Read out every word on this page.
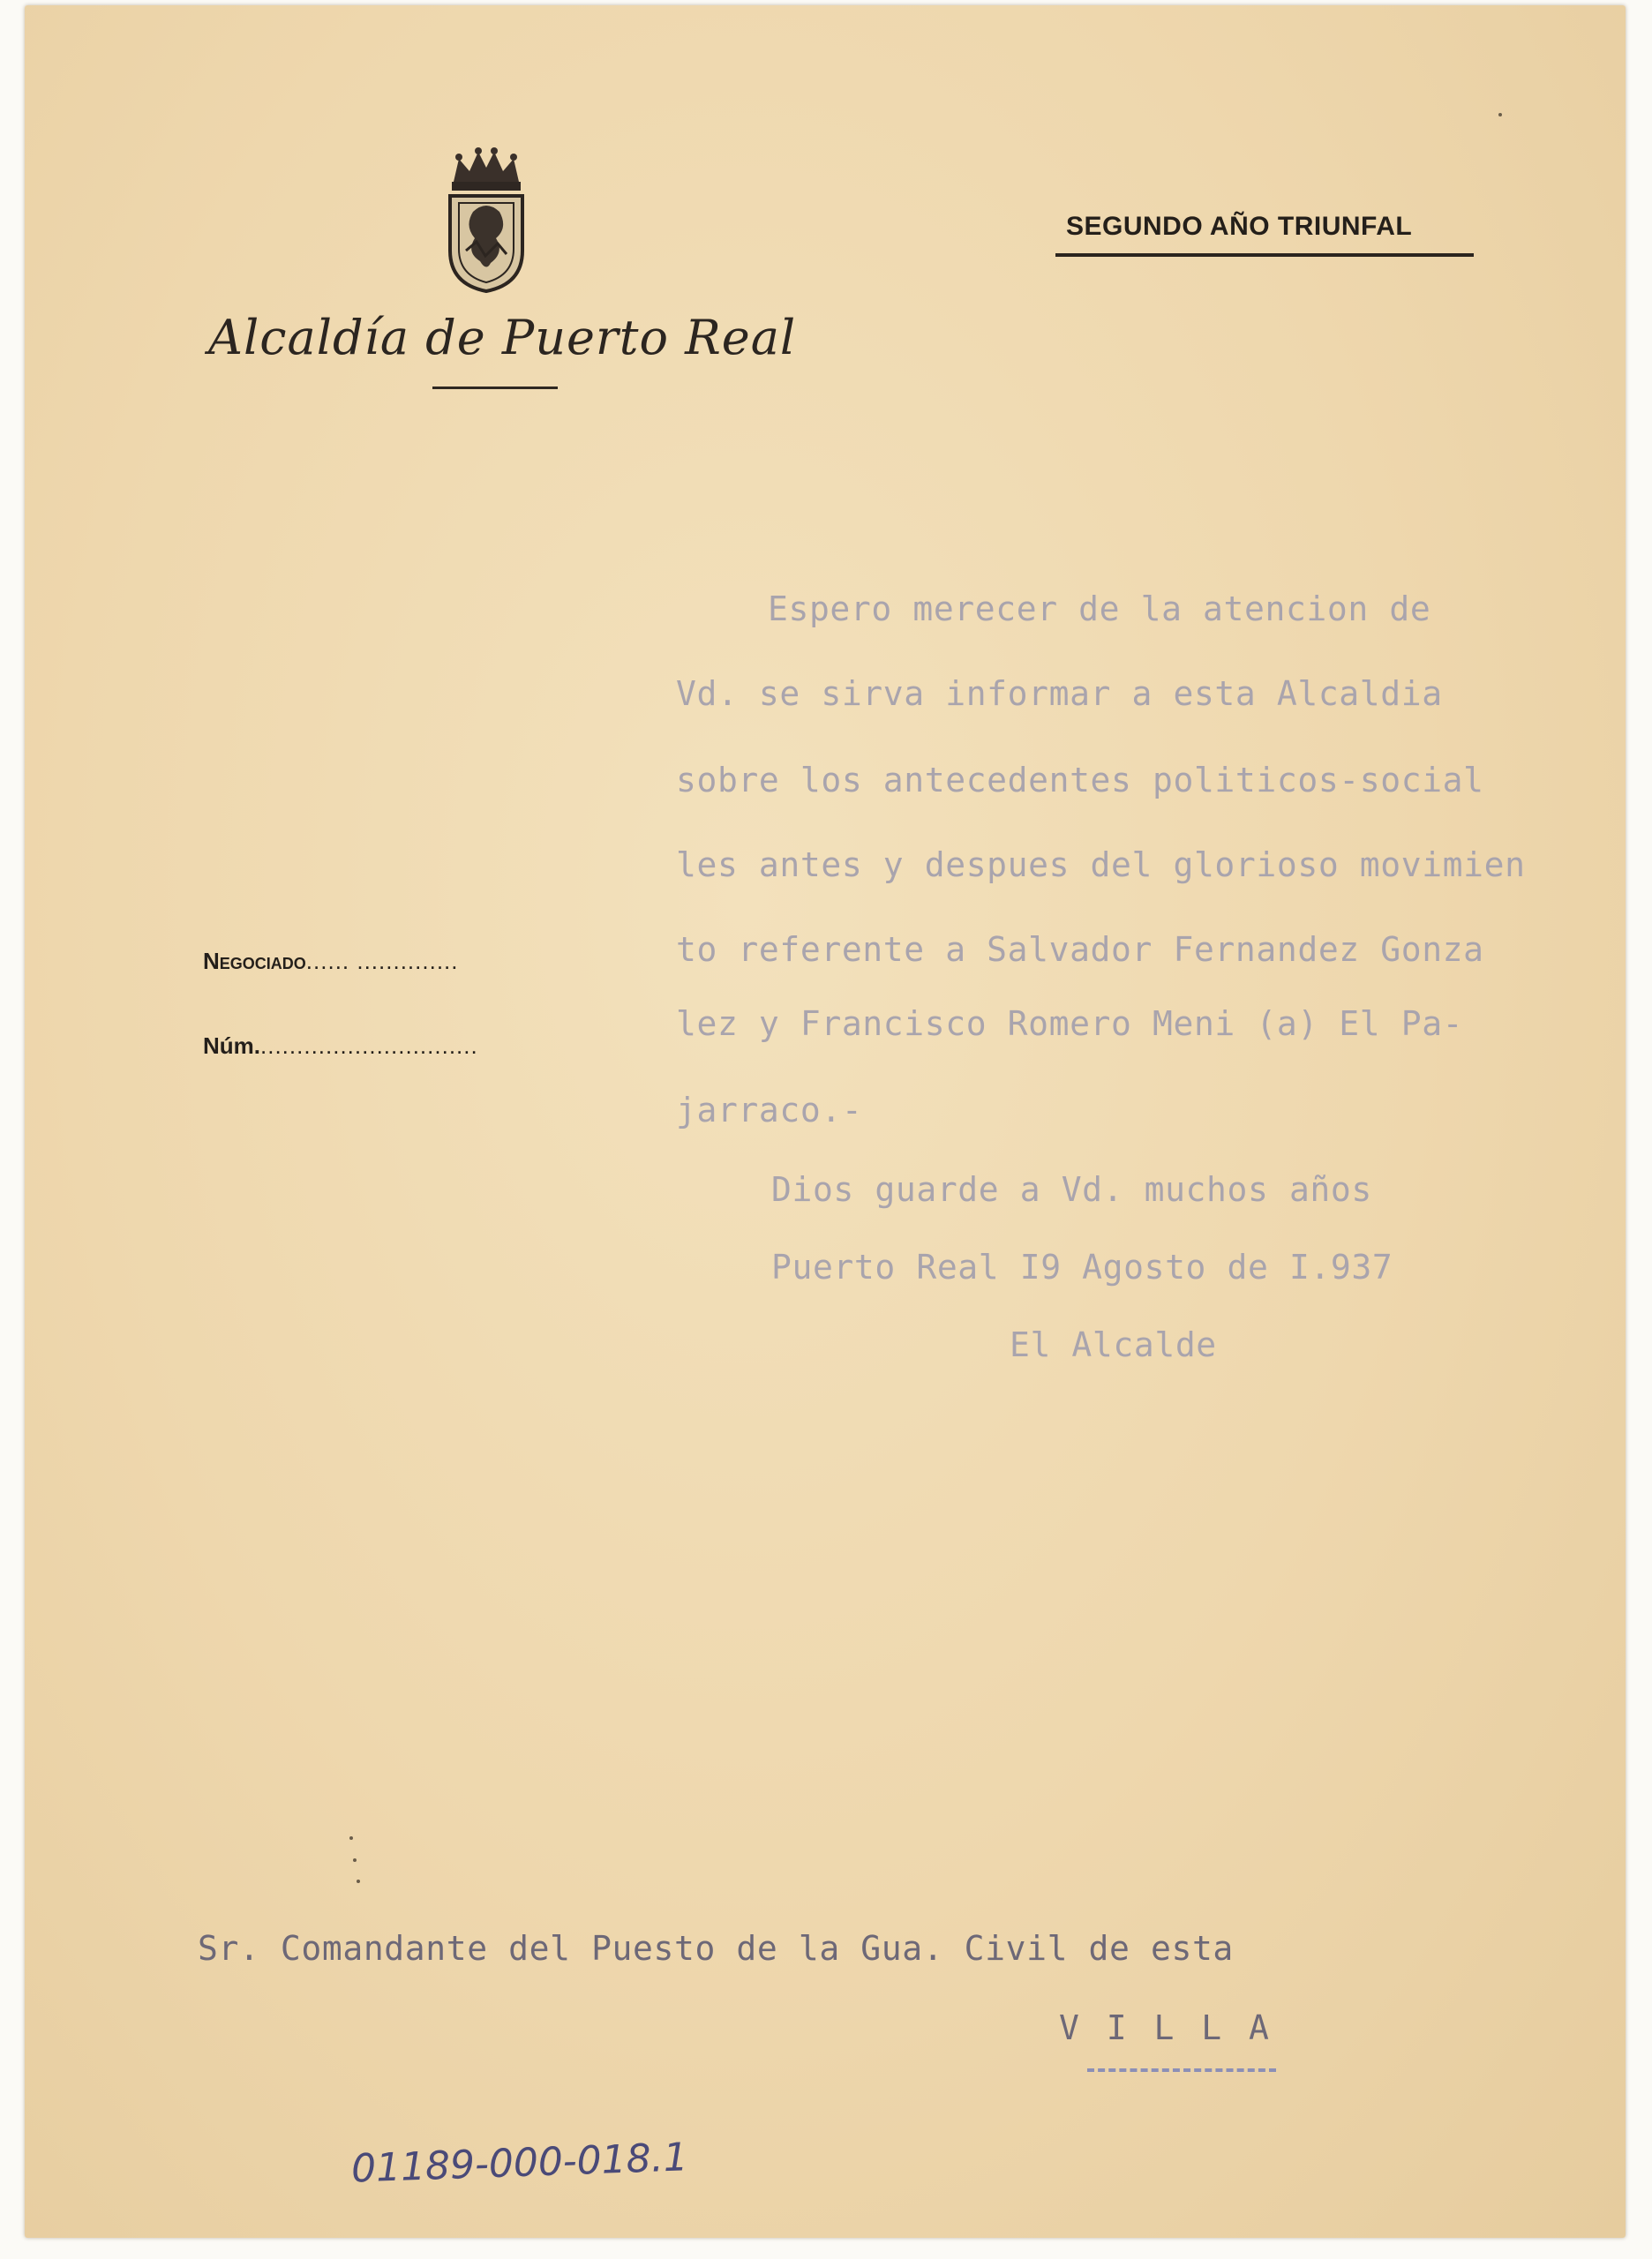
Alcaldía de Puerto Real
SEGUNDO AÑO TRIUNFAL
Negociado...... ..............
Núm...............................
Espero merecer de la atencion de
Vd. se sirva informar a esta Alcaldia
sobre los antecedentes politicos-social
les antes y despues del glorioso movimien
to referente a Salvador Fernandez Gonza
lez y Francisco Romero Meni (a) El Pa-
jarraco.-
Dios guarde a Vd. muchos años
Puerto Real I9 Agosto de I.937
El Alcalde
Sr. Comandante del Puesto de la Gua. Civil de esta
V I L L A
01189-000-018.1
